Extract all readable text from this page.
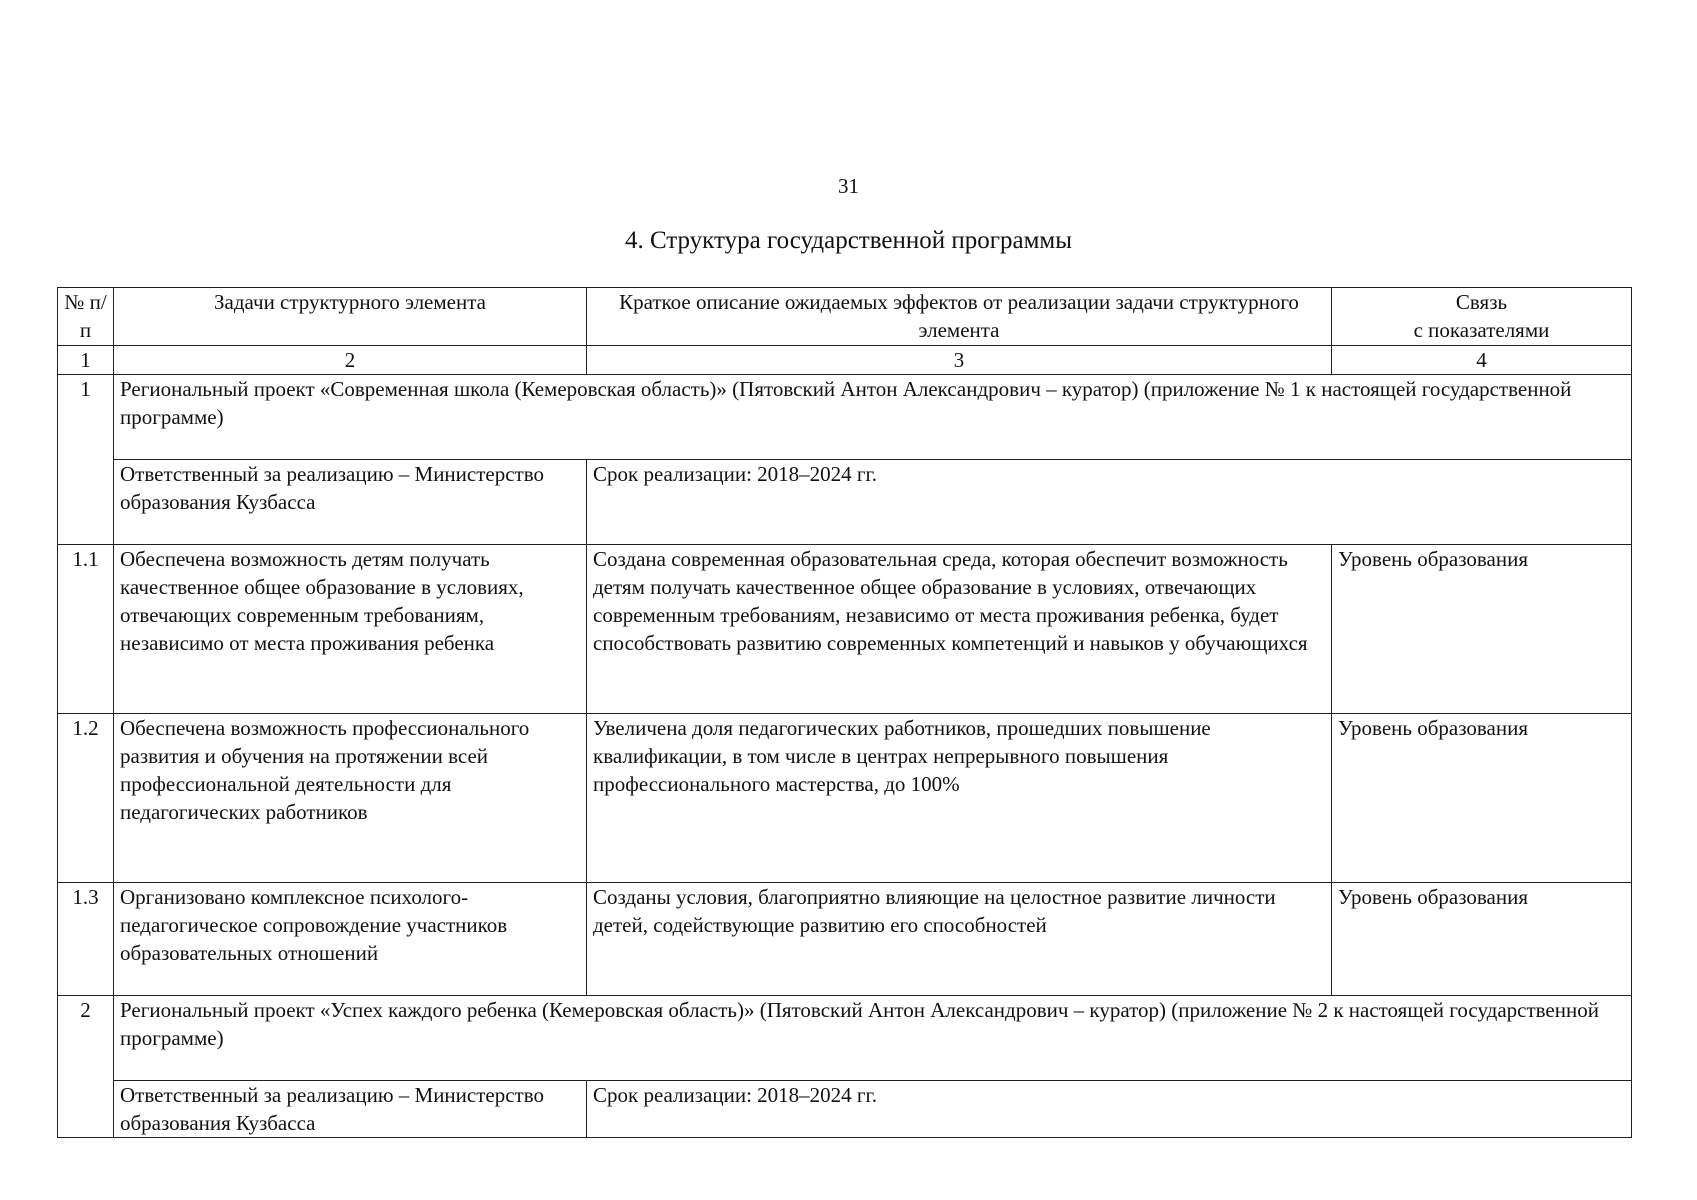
31
4. Структура государственной программы
№ п/п	Задачи структурного элемента	Краткое описание ожидаемых эффектов от реализации задачи структурного элемента	Связь
с показателями

1	2	3	4
1	Региональный проект «Современная школа (Кемеровская область)» (Пятовский Антон Александрович – куратор) (приложение № 1 к настоящей государственной программе)		
	Ответственный за реализацию – Министерство образования Кузбасса	Срок реализации: 2018–2024 гг.	
1.1	Обеспечена возможность детям получать качественное общее образование в условиях, отвечающих современным требованиям, независимо от места проживания ребенка	Создана современная образовательная среда, которая обеспечит возможность детям получать качественное общее образование в условиях, отвечающих современным требованиям, независимо от места проживания ребенка, будет способствовать развитию современных компетенций и навыков у обучающихся	Уровень образования
1.2	Обеспечена возможность профессионального развития и обучения на протяжении всей профессиональной деятельности для педагогических работников	Увеличена доля педагогических работников, прошедших повышение квалификации, в том числе в центрах непрерывного повышения профессионального мастерства, до 100%	Уровень образования
1.3	Организовано комплексное психолого-педагогическое сопровождение участников образовательных отношений	Созданы условия, благоприятно влияющие на целостное развитие личности детей, содействующие развитию его способностей	Уровень образования
2	Региональный проект «Успех каждого ребенка (Кемеровская область)» (Пятовский Антон Александрович – куратор) (приложение № 2 к настоящей государственной программе)		
	Ответственный за реализацию – Министерство образования Кузбасса	Срок реализации: 2018–2024 гг.	
